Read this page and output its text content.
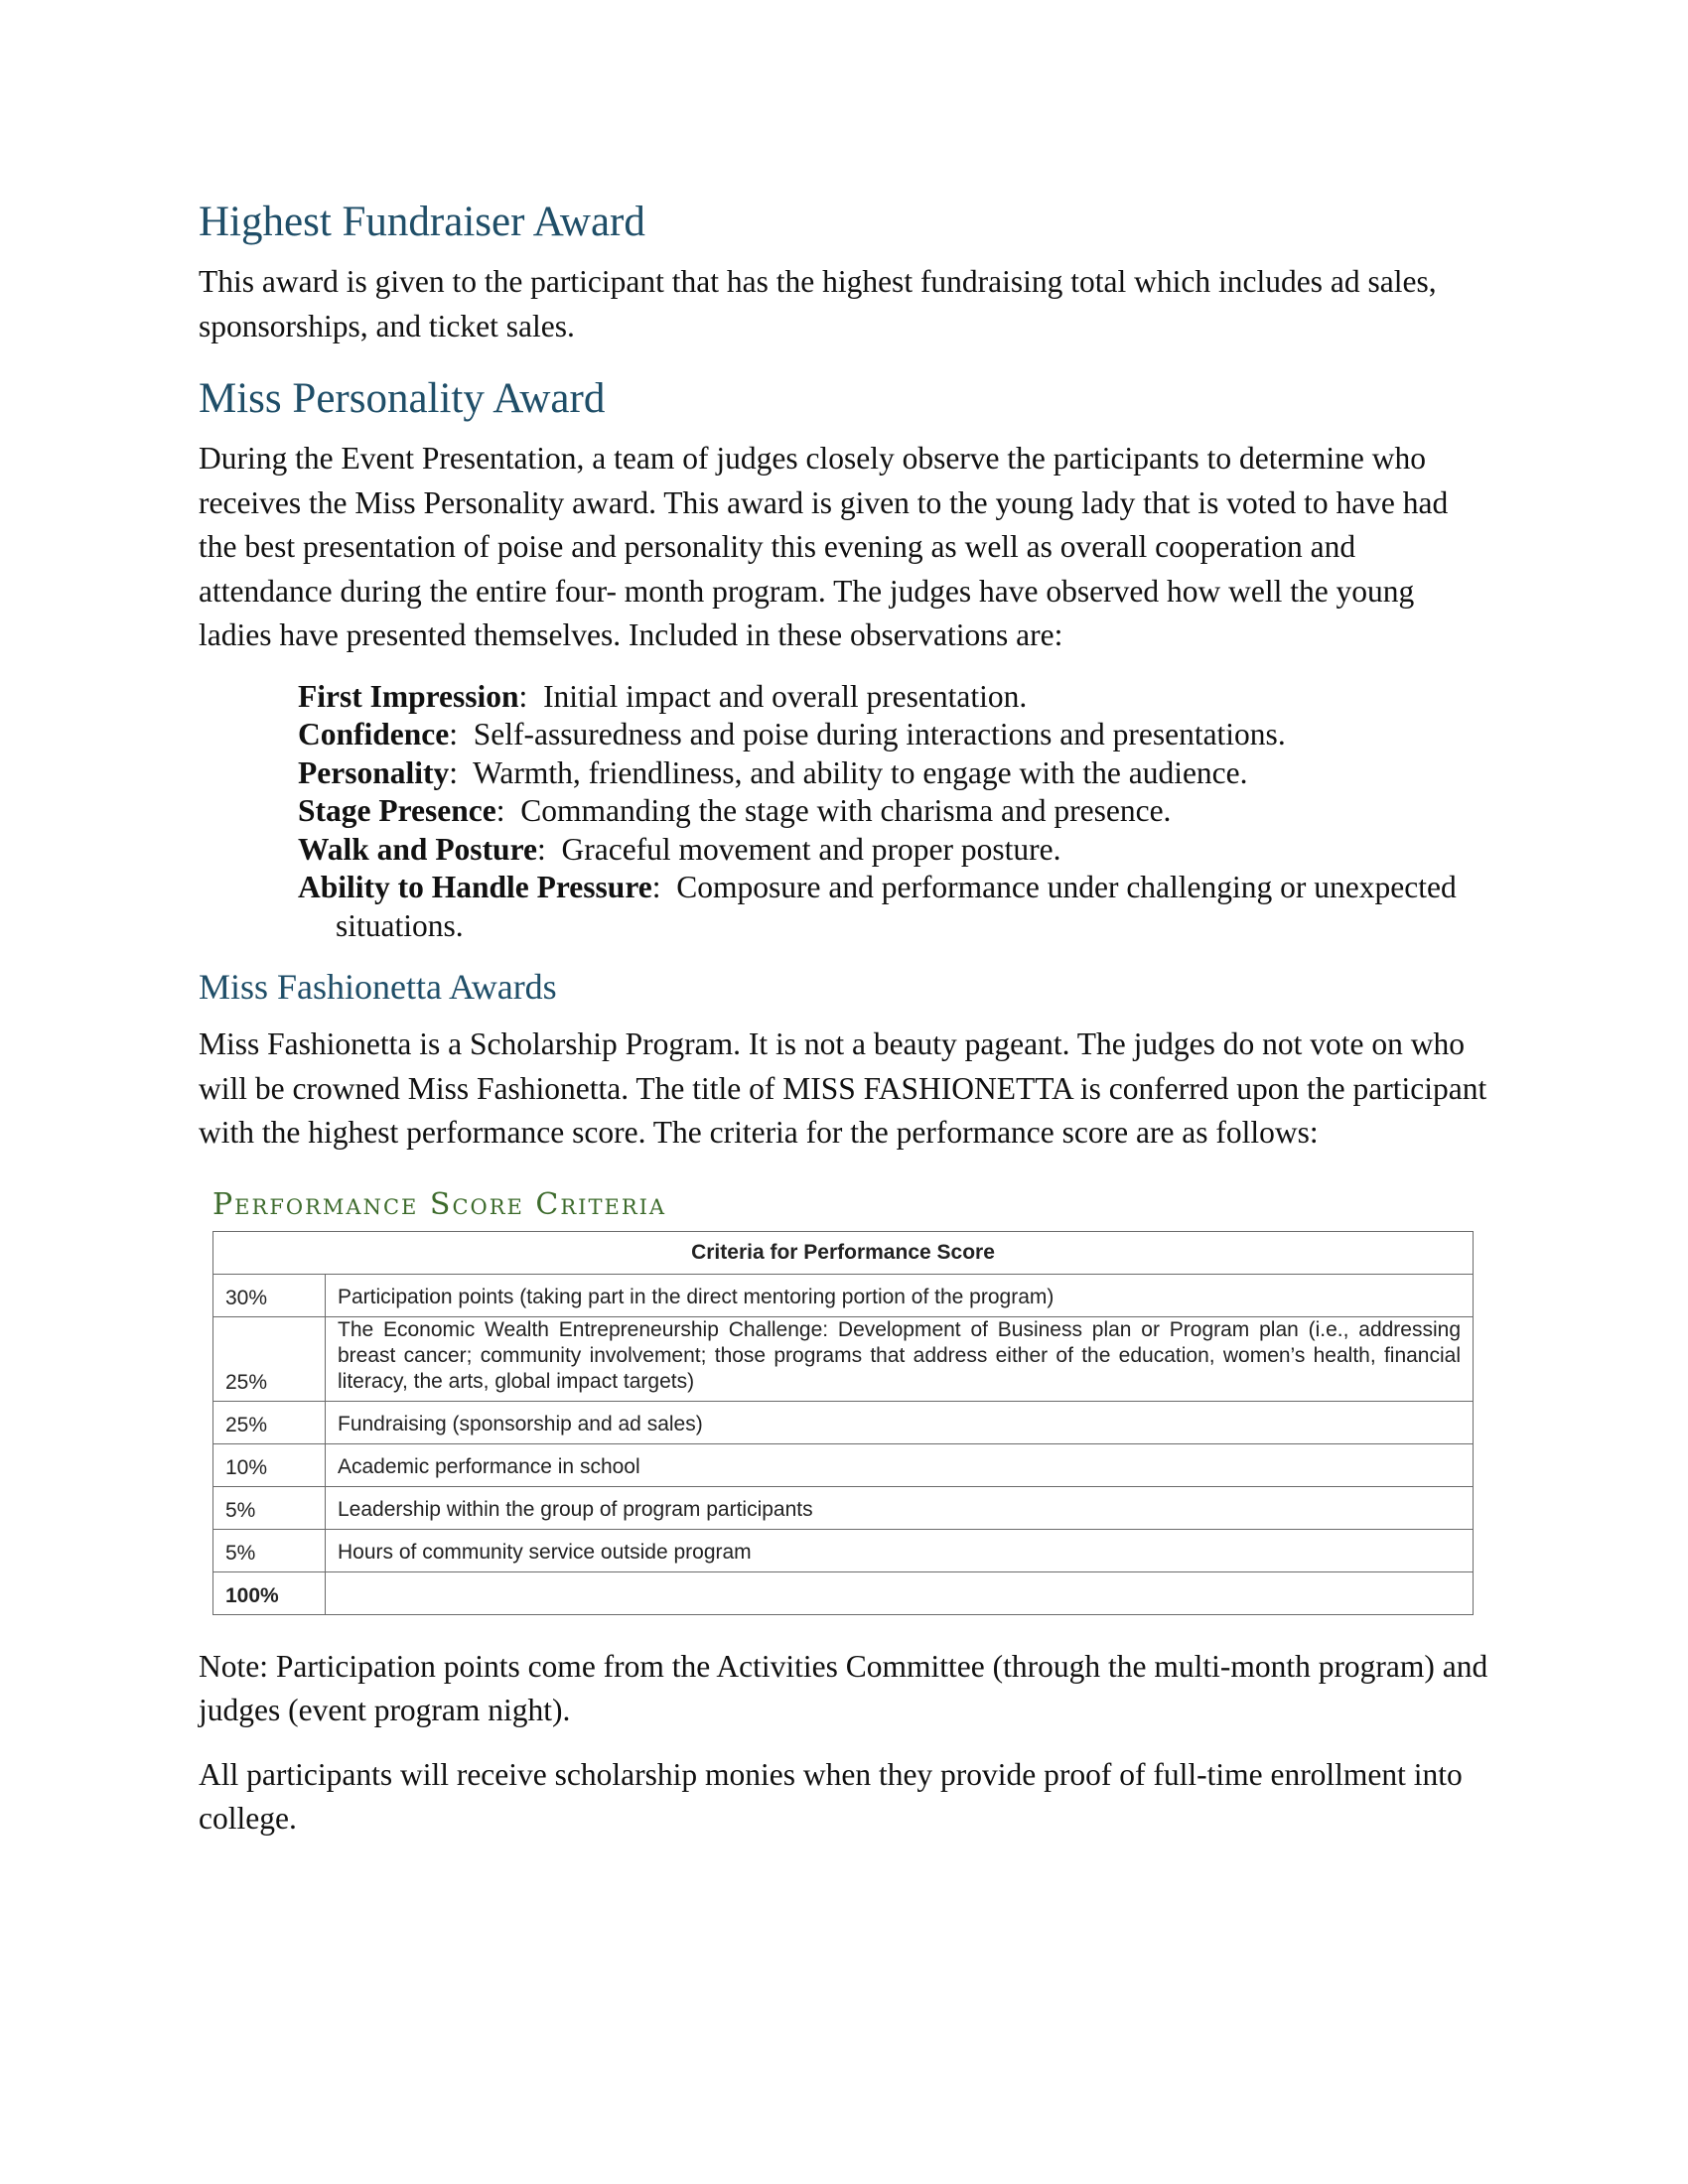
Highest Fundraiser Award

This award is given to the participant that has the highest fundraising total which includes ad sales, sponsorships, and ticket sales.

Miss Personality Award

During the Event Presentation, a team of judges closely observe the participants to determine who receives the Miss Personality award. This award is given to the young lady that is voted to have had the best presentation of poise and personality this evening as well as overall cooperation and attendance during the entire four- month program. The judges have observed how well the young ladies have presented themselves. Included in these observations are:

First Impression:  Initial impact and overall presentation.
Confidence:  Self-assuredness and poise during interactions and presentations.
Personality:  Warmth, friendliness, and ability to engage with the audience.
Stage Presence:  Commanding the stage with charisma and presence.
Walk and Posture:  Graceful movement and proper posture.
Ability to Handle Pressure:  Composure and performance under challenging or unexpected situations.
Miss Fashionetta Awards

Miss Fashionetta is a Scholarship Program. It is not a beauty pageant. The judges do not vote on who will be crowned Miss Fashionetta. The title of MISS FASHIONETTA is conferred upon the participant with the highest performance score. The criteria for the performance score are as follows:

Performance Score Criteria
Criteria for Performance Score	
30%	Participation points (taking part in the direct mentoring portion of the program)
25%	The Economic Wealth Entrepreneurship Challenge: Development of Business plan or Program plan (i.e., addressing breast cancer; community involvement; those programs that address either of the education, women’s health, financial literacy, the arts, global impact targets)
25%	Fundraising (sponsorship and ad sales)
10%	Academic performance in school
5%	Leadership within the group of program participants
5%	Hours of community service outside program
100%	

Note: Participation points come from the Activities Committee (through the multi-month program) and judges (event program night).

All participants will receive scholarship monies when they provide proof of full-time enrollment into college.
